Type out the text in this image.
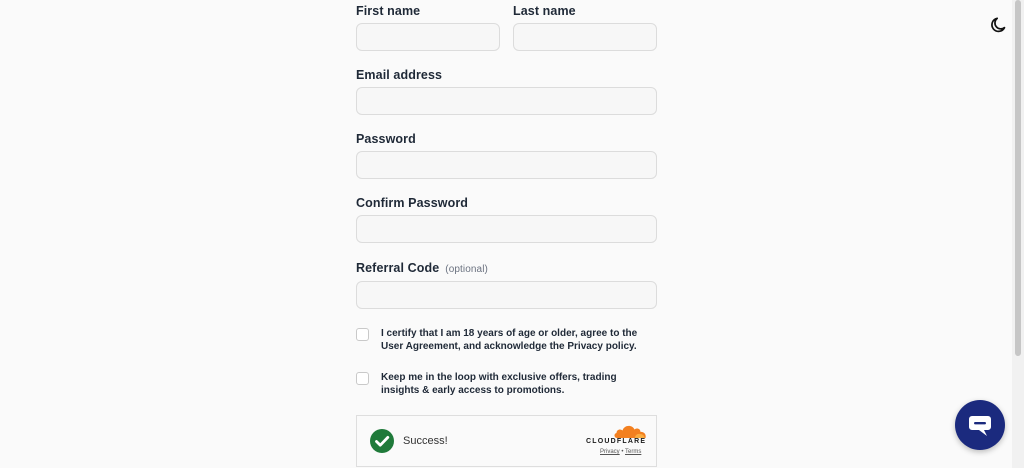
First name	Last name
Email address
Password
Confirm Password
Referral Code (optional)
I certify that I am 18 years of age or older, agree to the User Agreement, and acknowledge the Privacy policy.
Keep me in the loop with exclusive offers, trading insights & early access to promotions.
Success!	CLOUDFLARE
Privacy • Terms
